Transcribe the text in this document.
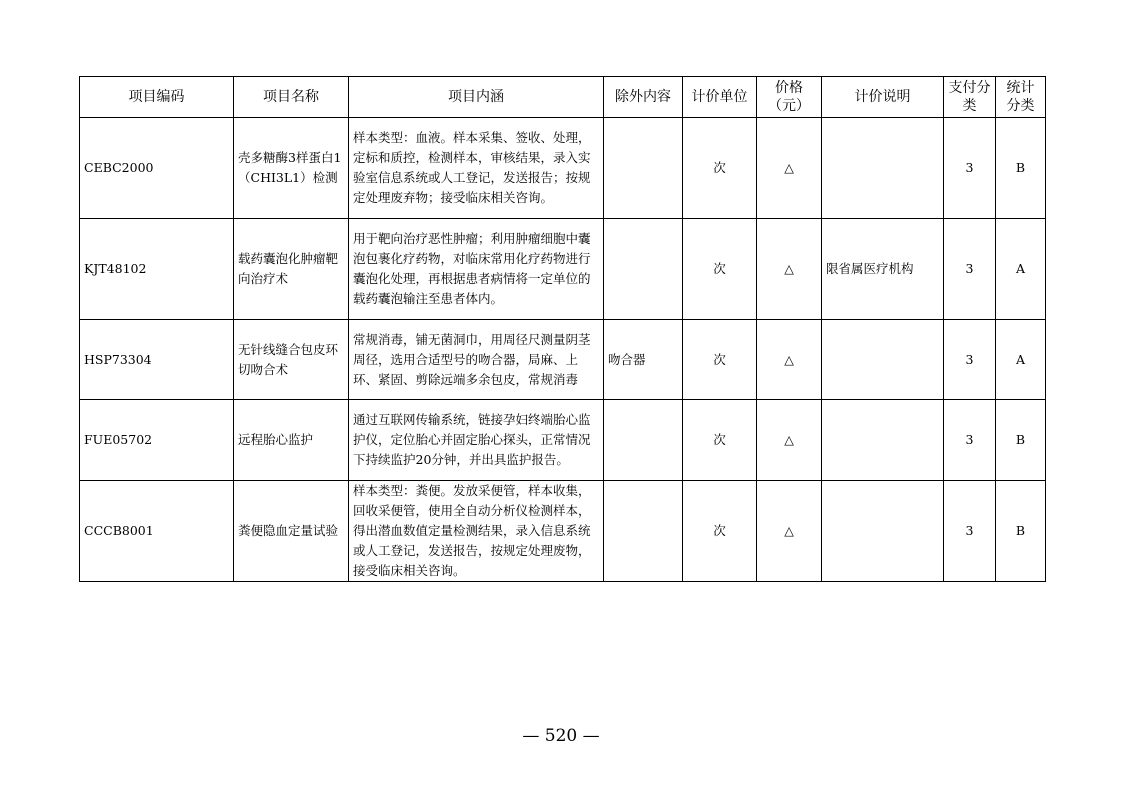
项目编码	项目名称	项目内涵	除外内容	计价单位	价格（元）	计价说明	支付分类	统计分类
CEBC2000	壳多糖酶3样蛋白1（CHI3L1）检测	样本类型：血液。样本采集、签收、处理，定标和质控，检测样本，审核结果，录入实验室信息系统或人工登记，发送报告；按规定处理废弃物；接受临床相关咨询。		次	△		3	B
KJT48102	载药囊泡化肿瘤靶向治疗术	用于靶向治疗恶性肿瘤；利用肿瘤细胞中囊泡包裹化疗药物，对临床常用化疗药物进行囊泡化处理，再根据患者病情将一定单位的载药囊泡输注至患者体内。		次	△	限省属医疗机构	3	A
HSP73304	无针线缝合包皮环切吻合术	常规消毒，铺无菌洞巾，用周径尺测量阴茎周径，选用合适型号的吻合器，局麻、上环、紧固、剪除远端多余包皮，常规消毒	吻合器	次	△		3	A
FUE05702	远程胎心监护	通过互联网传输系统，链接孕妇终端胎心监护仪，定位胎心并固定胎心探头，正常情况下持续监护20分钟，并出具监护报告。		次	△		3	B
CCCB8001	粪便隐血定量试验	样本类型：粪便。发放采便管，样本收集，回收采便管，使用全自动分析仪检测样本，得出潜血数值定量检测结果，录入信息系统或人工登记，发送报告，按规定处理废物，接受临床相关咨询。		次	△		3	B
— 520 —
